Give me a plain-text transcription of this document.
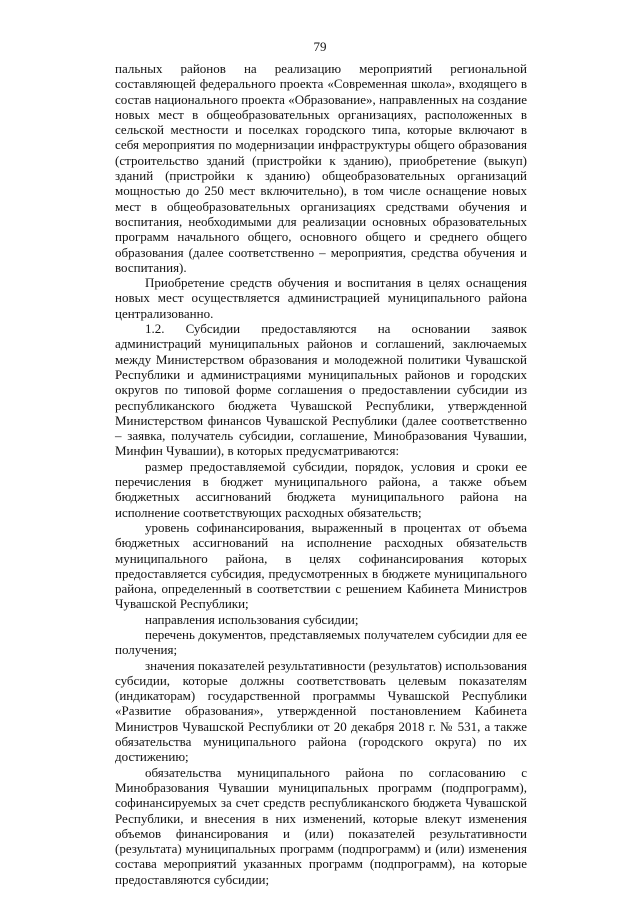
79

пальных районов на реализацию мероприятий региональной составляющей федерального проекта «Современная школа», входящего в состав национального проекта «Образование», направленных на создание новых мест в общеобразовательных организациях, расположенных в сельской местности и поселках городского типа, которые включают в себя мероприятия по модернизации инфраструктуры общего образования (строительство зданий (пристройки к зданию), приобретение (выкуп) зданий (пристройки к зданию) общеобразовательных организаций мощностью до 250 мест включительно), в том числе оснащение новых мест в общеобразовательных организациях средствами обучения и воспитания, необходимыми для реализации основных образовательных программ начального общего, основного общего и среднего общего образования (далее соответственно – мероприятия, средства обучения и воспитания).

Приобретение средств обучения и воспитания в целях оснащения новых мест осуществляется администрацией муниципального района централизованно.

1.2. Субсидии предоставляются на основании заявок администраций муниципальных районов и соглашений, заключаемых между Министерством образования и молодежной политики Чувашской Республики и администрациями муниципальных районов и городских округов по типовой форме соглашения о предоставлении субсидии из республиканского бюджета Чувашской Республики, утвержденной Министерством финансов Чувашской Республики (далее соответственно – заявка, получатель субсидии, соглашение, Минобразования Чувашии, Минфин Чувашии), в которых предусматриваются:

размер предоставляемой субсидии, порядок, условия и сроки ее перечисления в бюджет муниципального района, а также объем бюджетных ассигнований бюджета муниципального района на исполнение соответствующих расходных обязательств;

уровень софинансирования, выраженный в процентах от объема бюджетных ассигнований на исполнение расходных обязательств муниципального района, в целях софинансирования которых предоставляется субсидия, предусмотренных в бюджете муниципального района, определенный в соответствии с решением Кабинета Министров Чувашской Республики;

направления использования субсидии;

перечень документов, представляемых получателем субсидии для ее получения;

значения показателей результативности (результатов) использования субсидии, которые должны соответствовать целевым показателям (индикаторам) государственной программы Чувашской Республики «Развитие образования», утвержденной постановлением Кабинета Министров Чувашской Республики от 20 декабря 2018 г. № 531, а также обязательства муниципального района (городского округа) по их достижению;

обязательства муниципального района по согласованию с Минобразования Чувашии муниципальных программ (подпрограмм), софинансируемых за счет средств республиканского бюджета Чувашской Республики, и внесения в них изменений, которые влекут изменения объемов финансирования и (или) показателей результативности (результата) муниципальных программ (подпрограмм) и (или) изменения состава мероприятий указанных программ (подпрограмм), на которые предоставляются субсидии;
